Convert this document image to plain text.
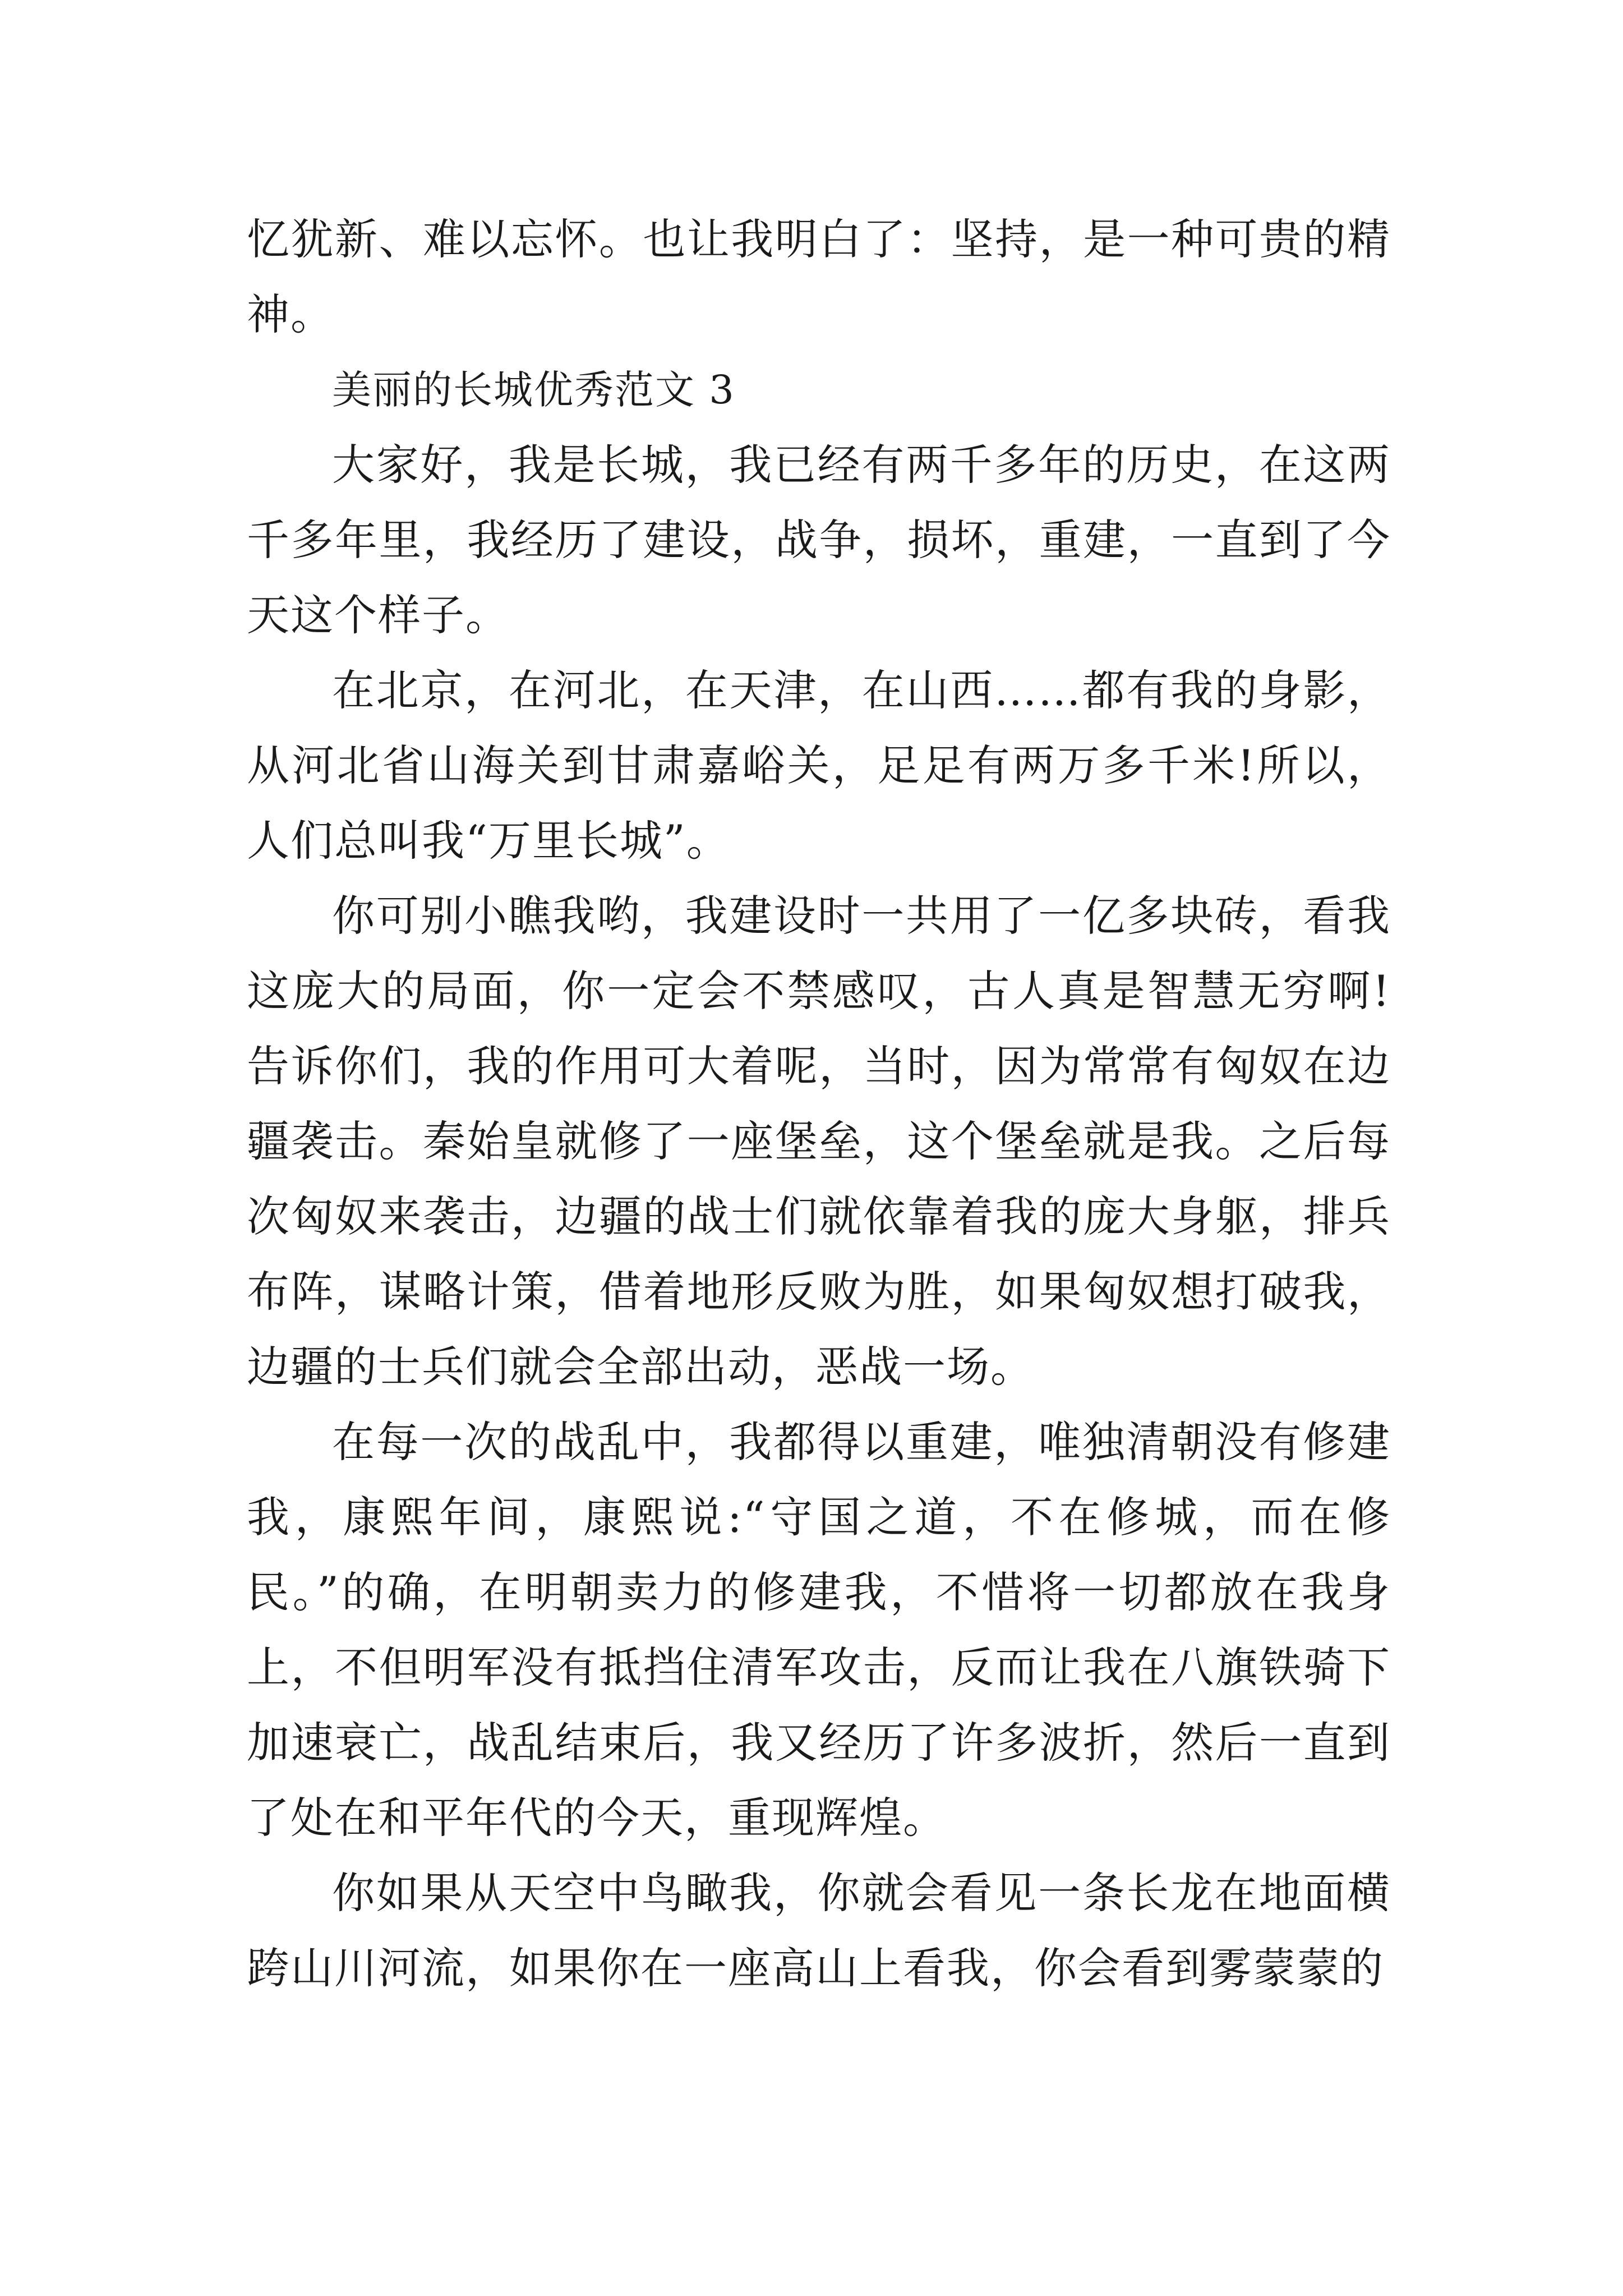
忆犹新、难以忘怀。也让我明白了：坚持，是一种可贵的精神。

美丽的长城优秀范文 3

大家好，我是长城，我已经有两千多年的历史，在这两千多年里，我经历了建设，战争，损坏，重建，一直到了今天这个样子。

在北京，在河北，在天津，在山西……都有我的身影，从河北省山海关到甘肃嘉峪关，足足有两万多千米!所以，人们总叫我“万里长城”。

你可别小瞧我哟，我建设时一共用了一亿多块砖，看我这庞大的局面，你一定会不禁感叹，古人真是智慧无穷啊!告诉你们，我的作用可大着呢，当时，因为常常有匈奴在边疆袭击。秦始皇就修了一座堡垒，这个堡垒就是我。之后每次匈奴来袭击，边疆的战士们就依靠着我的庞大身躯，排兵布阵，谋略计策，借着地形反败为胜，如果匈奴想打破我，边疆的士兵们就会全部出动，恶战一场。

在每一次的战乱中，我都得以重建，唯独清朝没有修建我，康熙年间，康熙说:“守国之道，不在修城，而在修民。”的确，在明朝卖力的修建我，不惜将一切都放在我身上，不但明军没有抵挡住清军攻击，反而让我在八旗铁骑下加速衰亡，战乱结束后，我又经历了许多波折，然后一直到了处在和平年代的今天，重现辉煌。

你如果从天空中鸟瞰我，你就会看见一条长龙在地面横跨山川河流，如果你在一座高山上看我，你会看到雾蒙蒙的
